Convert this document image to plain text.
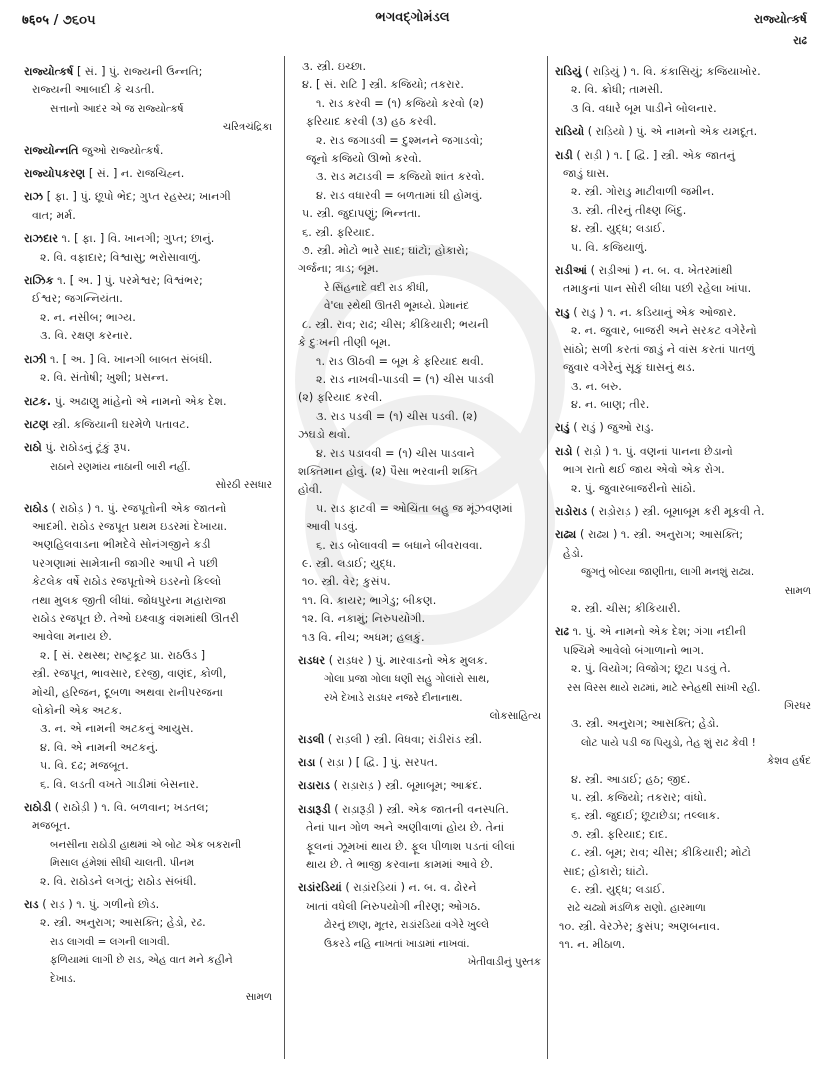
७६०५ / ૭૬૦૫	ભગવદ્ગોમંડલ	રાજ્યોત્કર્ષ
રાઢ

રાજ્યોત્કર્ષ [ સં. ] પું. રાજ્યની ઉન્નતિ;

રાજ્યની આબાદી કે ચડતી.

સત્તાનો આદર એ જ રાજ્યોત્કર્ષ

ચરિત્રચંદ્રિકા

રાજ્યોન્નતિ જુઓ રાજ્યોત્કર્ષ.

રાજ્યોપકરણ [ સં. ] ન. રાજચિહ્ન.

રાઝ [ ફા. ] પું. છૂપો ભેદ; ગુપ્ત રહસ્ય; ખાનગી

વાત; મર્મ.

રાઝદાર ૧. [ ફા. ] વિ. ખાનગી; ગુપ્ત; છાનું.

૨. વિ. વફાદાર; વિશ્વાસુ; ભરોસાવાળું.

રાઝિક ૧. [ અ. ] પું. પરમેશ્વર; વિશ્વંભર;

ઈશ્વર; જગન્નિયંતા.

૨. ન. નસીબ; ભાગ્ય.

૩. વિ. રક્ષણ કરનાર.

રાઝી ૧. [ અ. ] વિ. ખાનગી બાબત સંબંધી.

૨. વિ. સંતોષી; ખુશી; પ્રસન્ન.

રાટક. પું. અઢાણુ માંહેનો એ નામનો એક દેશ.

રાટણ સ્ત્રી. કજિયાની ઘરમેળે પતાવટ.

રાઠો પું. રાઠોડનું ટૂંકું રૂપ.

રાઠાને રણમાંય નાઠાની બારી નહીં.

સોરઠી રસધાર

રાઠોડ ( રાઠોડ઼ ) ૧. પું. રજપૂતોની એક જાતનો

આદમી. રાઠોડ રજપૂત પ્રથમ ઇડરમાં દેખાયા.

અણહિલવાડના ભીમદેવે સોનંગજીને કડી

પરગણામાં સામેત્રાની જાગીર આપી ને પછી

કેટલેક વર્ષે રાઠોડ રજપૂતોએ ઇડરનો કિલ્લો

તથા મુલક જીતી લીધાં. જોધપુરના મહારાજા

રાઠોડ રજપૂત છે. તેઓ ઇક્ષ્વાકુ વંશમાંથી ઊતરી

આવેલા મનાય છે.

૨. [ સં. રથસ્થ; રાષ્ટ્રકૂટ પ્રા. રાઠઉડ ]

સ્ત્રી. રજપૂત, ભાવસાર, દરજી, વાણંદ, કોળી,

મોચી, હરિજન, દૂબળા અથવા રાનીપરજના

લોકોની એક અટક.

૩. ન. એ નામની અટકનું આયુસ.

૪. વિ. એ નામની અટકનું.

૫. વિ. દઢ; મજબૂત.

૬. વિ. લડતી વખતે ગાડીમાં બેસનાર.

રાઠોડી ( રાઠોડ઼ી ) ૧. વિ. બળવાન; ખડતલ;

મજબૂત.

બનસીના રાઠોડી હાથમાં એ બોટ એક બકરાની

મિસાલ હંમેશાં સીધી ચાલતી. પીનમ

૨. વિ. રાઠોડને લગતું; રાઠોડ સંબંધી.

રાડ ( રાડ઼ ) ૧. પું. ગળીનો છોડ.

૨. સ્ત્રી. અનુરાગ; આસક્તિ; હેડો, રઢ.

રાડ લાગવી = લગની લાગવી.

ફળિયામાં લાગી છે રાડ, એહ વાત મને કહીને

દેખાડ.

સામળ

૩. સ્ત્રી. ઇચ્છા.

૪. [ સં. રાટિ ] સ્ત્રી. કજિયો; તકરાર.

૧. રાડ કરવી = (૧) કજિયો કરવો (૨)

ફરિયાદ કરવી (૩) હઠ કરવી.

૨. રાડ જગાડવી = દુશ્મનને જગાડવો;

જૂનો કજિયો ઊભો કરવો.

૩. રાડ મટાડવી = કજિયો શાંત કરવો.

૪. રાડ વધારવી = બળતામાં ઘી હોમવું.

૫. સ્ત્રી. જુદાપણું; ભિન્નતા.

૬. સ્ત્રી. ફરિયાદ.

૭. સ્ત્રી. મોટો ભારે સાદ; ઘાંટો; હોકારો;

ગર્જના; ત્રાડ; બૂમ.

રે સિંહનાદે વદી રાડ કીધી,

વે'લા રથેથી ઊતરી ભૂમધ્યે. પ્રેમાનંદ

૮. સ્ત્રી. રાવ; રાઢ; ચીસ; કીકિયારી; ભયની

કે દુઃખની તીણી બૂમ.

૧. રાડ ઊઠવી = બૂમ કે ફરિયાદ થવી.

૨. રાડ નાખવી-પાડવી = (૧) ચીસ પાડવી

(૨) ફરિયાદ કરવી.

૩. રાડ પડવી = (૧) ચીસ પડવી. (૨)

ઝઘડો થવો.

૪. રાડ પડાવવી = (૧) ચીસ પાડવાને

શક્તિમાન હોવું. (૨) પૈસા ભરવાની શક્તિ

હોવી.

૫. રાડ ફાટવી = ઓચિંતા બહુ જ મૂંઝવણમાં

આવી પડવું.

૬. રાડ બોલાવવી = બધાને બીવરાવવા.

૯. સ્ત્રી. લડાઈ; યુદ્ધ.

૧૦. સ્ત્રી. વેર; કુસંપ.

૧૧. વિ. કાયર; ભાગેડુ; બીકણ.

૧૨. વિ. નકામું; નિરુપયોગી.

૧૩ વિ. નીચ; અધમ; હલકું.

રાડધર ( રાડ઼ધર ) પું. મારવાડનો એક મુલક.

ગોલા પ્રજા ગોલા ધણી સહુ ગોલાંરો સાથ,

રખે દેખાડે રાડધર નજરે દીનાનાથ.

લોકસાહિત્ય

રાડલી ( રાડ઼લી ) સ્ત્રી. વિધવા; રાંડીરાંડ સ્ત્રી.

રાડા ( રાડ઼ા ) [ દ્વિ. ] પું. સરપત.

રાડારાડ ( રાડ઼ારાડ઼ ) સ્ત્રી. બૂમાબૂમ; આક્રંદ.

રાડારૂડી ( રાડ઼ારૂડ઼ી ) સ્ત્રી. એક જાતની વનસ્પતિ.

તેનાં પાન ગોળ અને અણીવાળાં હોય છે. તેનાં

ફૂલનાં ઝૂમખાં થાય છે. ફૂલ પીળાશ પડતાં લીલાં

થાય છે. તે ભાજી કરવાના કામમાં આવે છે.

રાડાંરડિયાં ( રાડ઼ાંરડ઼િયાં ) ન. બ. વ. ઢોરને

ખાતાં વધેલી નિરુપયોગી નીરણ; ઓગઠ.

ઢોરનું છાણ, મૂતર, રાડાંરડિયાં વગેરે ખુલ્લે

ઉકરડે નહિ નાખતાં ખાડામાં નાખવાં.

ખેતીવાડીનું પુસ્તક

રાડિયું ( રાડ઼િયું ) ૧. વિ. કંકાસિયું; કજિયાખોર.

૨. વિ. ક્રોધી; તામસી.

૩ વિ. વધારે બૂમ પાડીને બોલનાર.

રાડિયો ( રાડ઼િયો ) પું. એ નામનો એક યમદૂત.

રાડી ( રાડ઼ી ) ૧. [ દ્વિ. ] સ્ત્રી. એક જાતનું

જાડું ઘાસ.

૨. સ્ત્રી. ગોરાડુ માટીવાળી જમીન.

૩. સ્ત્રી. તીરનું તીક્ષ્ણ બિંદુ.

૪. સ્ત્રી. યુદ્ધ; લડાઈ.

૫. વિ. કજિયાળું.

રાડીઆં ( રાડ઼ીઆં ) ન. બ. વ. ખેતરમાંથી

તમાકુનાં પાન સોરી લીધા પછી રહેલા ખાંપા.

રાડુ ( રાડુ ) ૧. ન. કડિયાનું એક ઓજાર.

૨. ન. જુવાર, બાજરી અને સરકટ વગેરેનો

સાંઠો; સળી કરતાં જાડું ને વાંસ કરતાં પાતળું

જુવાર વગેરેનું સૂકું ઘાસનું થડ.

૩. ન. બરુ.

૪. ન. બાણ; તીર.

રાડું ( રાડ઼ું ) જુઓ રાડુ.

રાડો ( રાડ઼ો ) ૧. પું. વણનાં પાનના છેડાનો

ભાગ રાતો થઈ જાય એવો એક રોગ.

૨. પું. જુવારબાજરીનો સાંઠો.

રાડોરાડ ( રાડ઼ોરાડ઼ ) સ્ત્રી. બૂમાબૂમ કરી મૂકવી તે.

રાઢ્ય ( રાઢ્ય ) ૧. સ્ત્રી. અનુરાગ; આસક્તિ;

હેડો.

જુગતું બોલ્યા જાણીતા, લાગી મનશું રાઢ્ય.

સામળ

૨. સ્ત્રી. ચીસ; કીકિયારી.

રાઢ ૧. પું. એ નામનો એક દેશ; ગંગા નદીની

પશ્ચિમે આવેલો બંગાળાનો ભાગ.

૨. પું. વિયોગ; વિજોગ; છૂટા પડવું તે.

રસ વિરસ થાયે રાઢમાં, માટે સ્નેહથી સાંખી રહી.

ગિરધર

૩. સ્ત્રી. અનુરાગ; આસક્તિ; હેડો.

લોટ પાયે પડી જ પિયુડો, તેહ શું રાઢ કેવી !

કેશવ હર્ષદ

૪. સ્ત્રી. આડાઈ; હઠ; જીદ.

૫. સ્ત્રી. કજિયો; તકરાર; વાંધો.

૬. સ્ત્રી. જુદાઈ; છૂટાછેડા; તલ્લાક.

૭. સ્ત્રી. ફરિયાદ; દાદ.

૮. સ્ત્રી. બૂમ; રાવ; ચીસ; કીકિયારી; મોટો

સાદ; હોકારો; ઘાંટો.

૯. સ્ત્રી. યુદ્ધ; લડાઈ.

રાઢે ચઢ્યો મંડળિક રાણો. હારમાળા

૧૦. સ્ત્રી. વેરઝેર; કુસંપ; અણબનાવ.

૧૧. ન. મીઠાળ.
